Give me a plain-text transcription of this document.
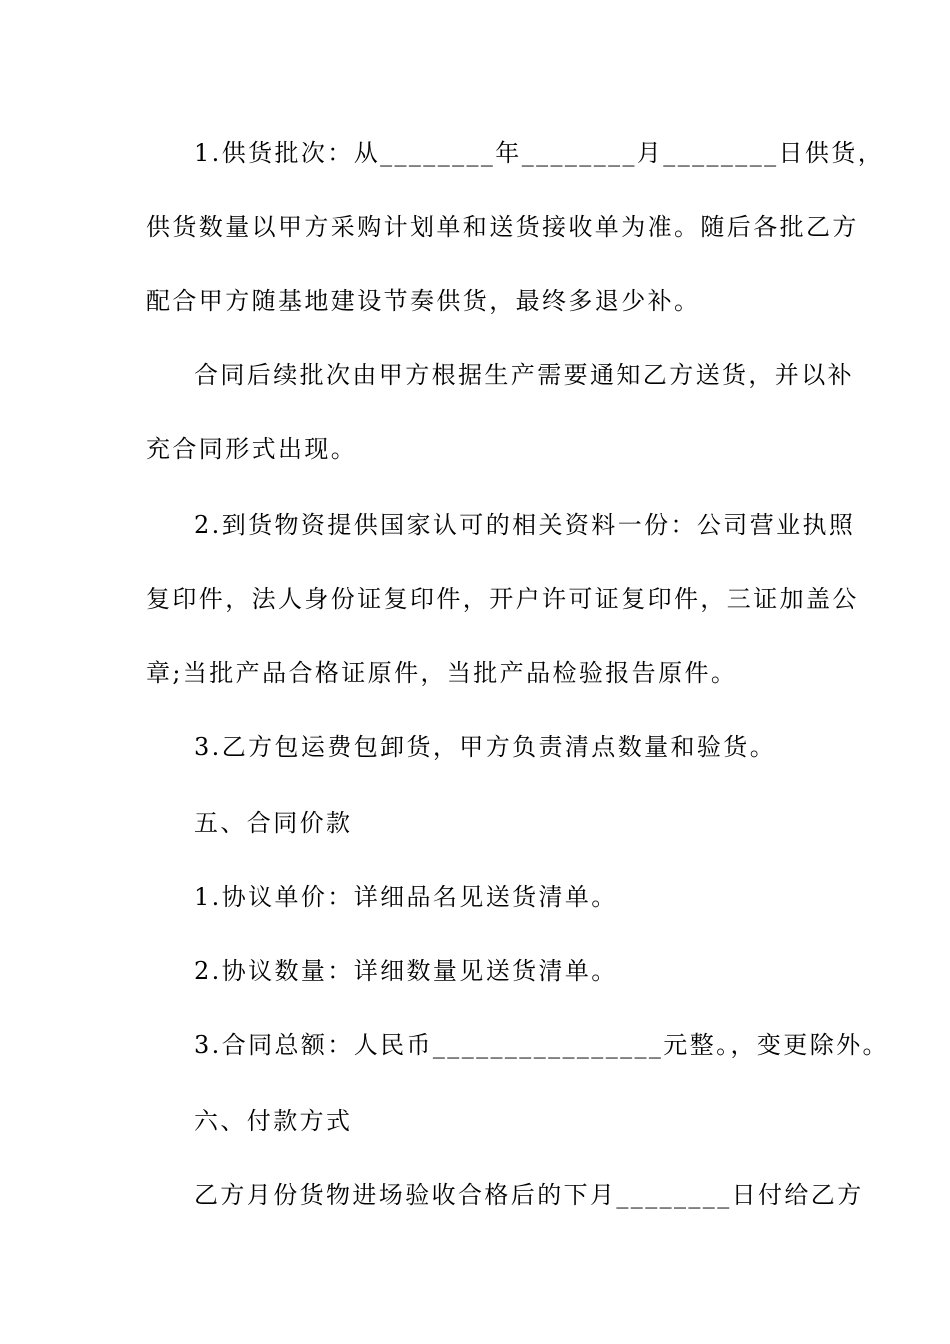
1.供货批次：从________年________月________日供货，
供货数量以甲方采购计划单和送货接收单为准。随后各批乙方
配合甲方随基地建设节奏供货，最终多退少补。
合同后续批次由甲方根据生产需要通知乙方送货，并以补
充合同形式出现。
2.到货物资提供国家认可的相关资料一份：公司营业执照
复印件，法人身份证复印件，开户许可证复印件，三证加盖公
章;当批产品合格证原件，当批产品检验报告原件。
3.乙方包运费包卸货，甲方负责清点数量和验货。
五、合同价款
1.协议单价：详细品名见送货清单。
2.协议数量：详细数量见送货清单。
3.合同总额：人民币________________元整。，变更除外。
六、付款方式
乙方月份货物进场验收合格后的下月________日付给乙方
